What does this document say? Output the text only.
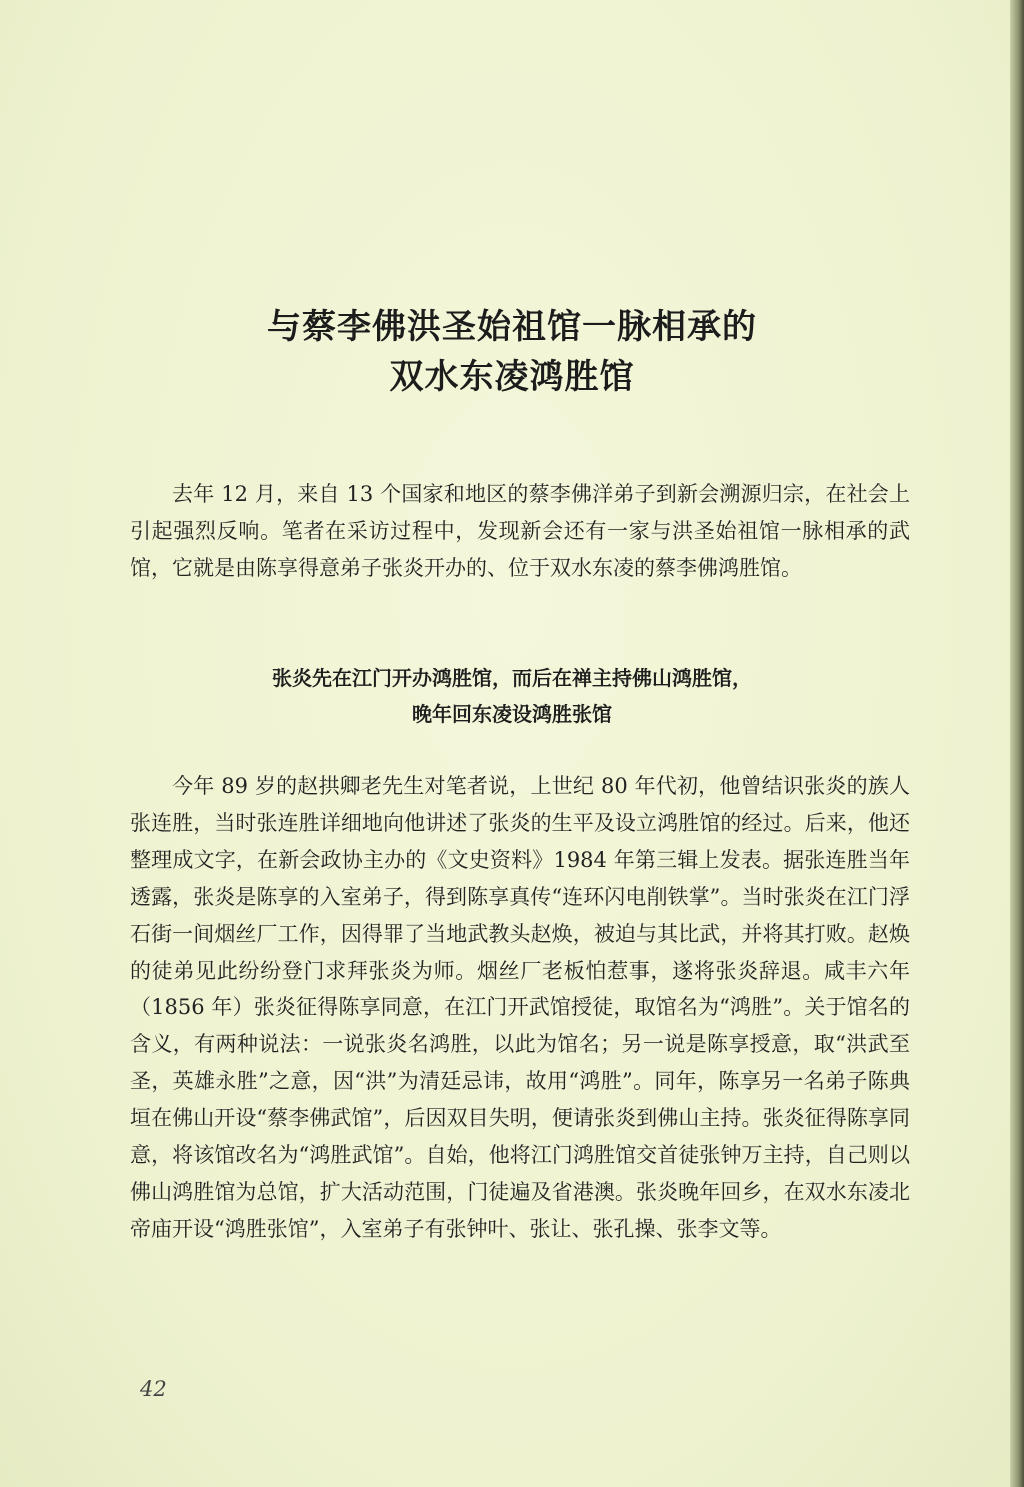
与蔡李佛洪圣始祖馆一脉相承的
双水东凌鸿胜馆

去年 12 月，来自 13 个国家和地区的蔡李佛洋弟子到新会溯源归宗，在社会上引起强烈反响。笔者在采访过程中，发现新会还有一家与洪圣始祖馆一脉相承的武馆，它就是由陈享得意弟子张炎开办的、位于双水东凌的蔡李佛鸿胜馆。

张炎先在江门开办鸿胜馆，而后在禅主持佛山鸿胜馆，
晚年回东凌设鸿胜张馆

今年 89 岁的赵拱卿老先生对笔者说，上世纪 80 年代初，他曾结识张炎的族人张连胜，当时张连胜详细地向他讲述了张炎的生平及设立鸿胜馆的经过。后来，他还整理成文字，在新会政协主办的《文史资料》1984 年第三辑上发表。据张连胜当年透露，张炎是陈享的入室弟子，得到陈享真传“连环闪电削铁掌”。当时张炎在江门浮石街一间烟丝厂工作，因得罪了当地武教头赵焕，被迫与其比武，并将其打败。赵焕的徒弟见此纷纷登门求拜张炎为师。烟丝厂老板怕惹事，遂将张炎辞退。咸丰六年（1856 年）张炎征得陈享同意，在江门开武馆授徒，取馆名为“鸿胜”。关于馆名的含义，有两种说法：一说张炎名鸿胜，以此为馆名；另一说是陈享授意，取“洪武至圣，英雄永胜”之意，因“洪”为清廷忌讳，故用“鸿胜”。同年，陈享另一名弟子陈典垣在佛山开设“蔡李佛武馆”，后因双目失明，便请张炎到佛山主持。张炎征得陈享同意，将该馆改名为“鸿胜武馆”。自始，他将江门鸿胜馆交首徒张钟万主持，自己则以佛山鸿胜馆为总馆，扩大活动范围，门徒遍及省港澳。张炎晚年回乡，在双水东凌北帝庙开设“鸿胜张馆”，入室弟子有张钟叶、张让、张孔操、张李文等。

42
